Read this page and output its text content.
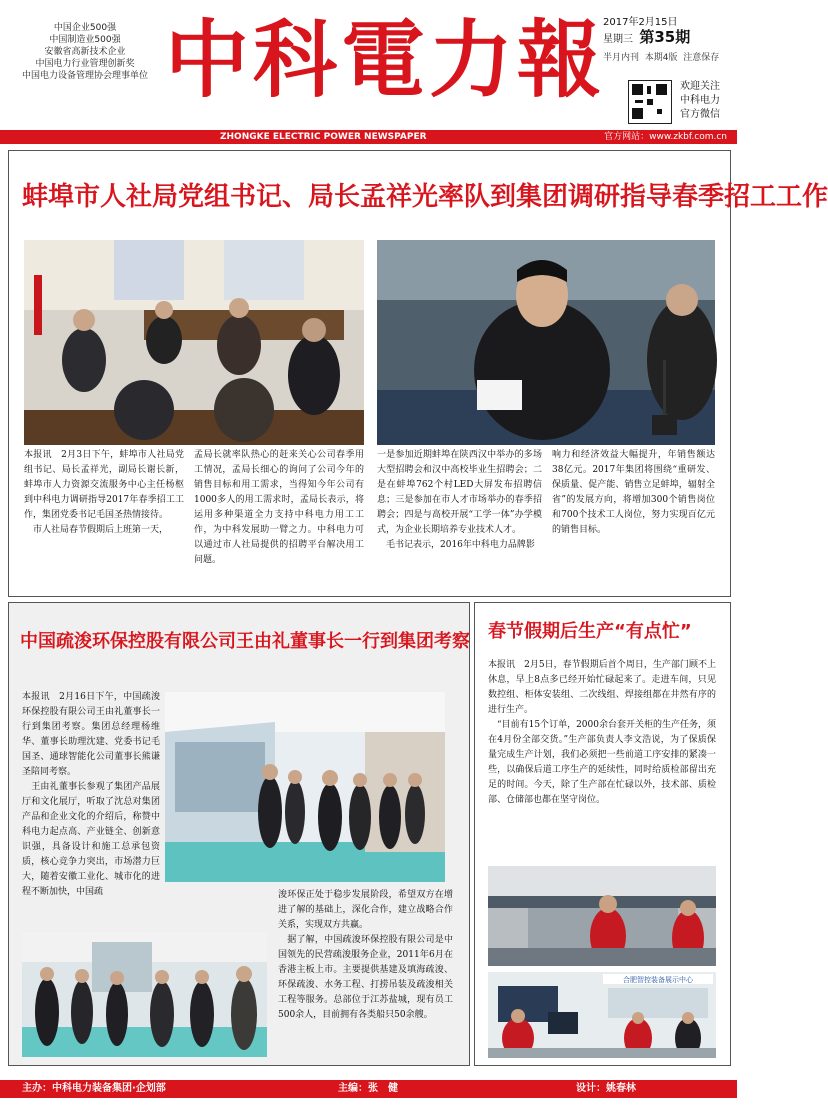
中国企业500强
中国制造业500强
安徽省高新技术企业
中国电力行业管理创新奖
中国电力设备管理协会理事单位 中科電力報
2017年2月15日
星期三 第35期
半月内刊 本期4版 注意保存
欢迎关注
中科电力
官方微信
ZHONGKE ELECTRIC POWER NEWSPAPER	官方网站：www.zkbf.com.cn
蚌埠市人社局党组书记、局长孟祥光率队到集团调研指导春季招工工作
本报讯　2月3日下午，蚌埠市人社局党组书记、局长孟祥光，副局长谢长新，蚌埠市人力资源交流服务中心主任杨枢到中科电力调研指导2017年春季招工工作，集团党委书记毛国圣热情接待。
　市人社局春节假期后上班第一天，
孟局长就率队热心的赶来关心公司春季用工情况，孟局长细心的询问了公司今年的销售目标和用工需求，当得知今年公司有1000多人的用工需求时，孟局长表示，将运用多种渠道全力支持中科电力用工工作，为中科发展助一臂之力。中科电力可以通过市人社局提供的招聘平台解决用工问题。
一是参加近期蚌埠在陕西汉中举办的多场大型招聘会和汉中高校毕业生招聘会；二是在蚌埠762个村LED大屏发布招聘信息；三是参加在市人才市场举办的春季招聘会；四是与高校开展“工学一体”办学模式，为企业长期培养专业技术人才。
　毛书记表示，2016年中科电力品牌影
响力和经济效益大幅提升，年销售额达38亿元。2017年集团将围绕“重研发、保质量、促产能、销售立足蚌埠，辐射全省”的发展方向，将增加300个销售岗位和700个技术工人岗位，努力实现百亿元的销售目标。
中国疏浚环保控股有限公司王由礼董事长一行到集团考察
本报讯　2月16日下午，中国疏浚环保控股有限公司王由礼董事长一行到集团考察。集团总经理杨维华、董事长助理沈建、党委书记毛国圣、通球智能化公司董事长熊谦圣陪同考察。
　王由礼董事长参观了集团产品展厅和文化展厅，听取了沈总对集团产品和企业文化的介绍后，称赞中科电力起点高、产业链全、创新意识强，具备设计和施工总承包资质，核心竞争力突出，市场潜力巨大，随着安徽工业化、城市化的进程不断加快，中国疏	浚环保正处于稳步发展阶段，希望双方在增进了解的基础上，深化合作，建立战略合作关系，实现双方共赢。
　据了解，中国疏浚环保控股有限公司是中国领先的民营疏浚服务企业，2011年6月在香港主板上市。主要提供基建及填海疏浚、环保疏浚、水务工程、打捞吊装及疏浚相关工程等服务。总部位于江苏盐城，现有员工500余人，目前拥有各类船只50余艘。
春节假期后生产“有点忙”
本报讯　2月5日，春节假期后首个周日，生产部门顾不上休息，早上8点多已经开始忙碌起来了。走进车间，只见数控组、柜体安装组、二次线组、焊接组都在井然有序的进行生产。
　“目前有15个订单，2000余台套开关柜的生产任务，须在4月份全部交货。”生产部负责人李文浩说，为了保质保量完成生产计划，我们必须把一些前道工序安排的紧凑一些，以确保后道工序生产的延续性，同时给质检部留出充足的时间。今天，除了生产部在忙碌以外，技术部、质检部、仓储部也都在坚守岗位。
合肥智控装备展示中心
主办：中科电力装备集团·企划部	主编：张　健	设计：姚春林
